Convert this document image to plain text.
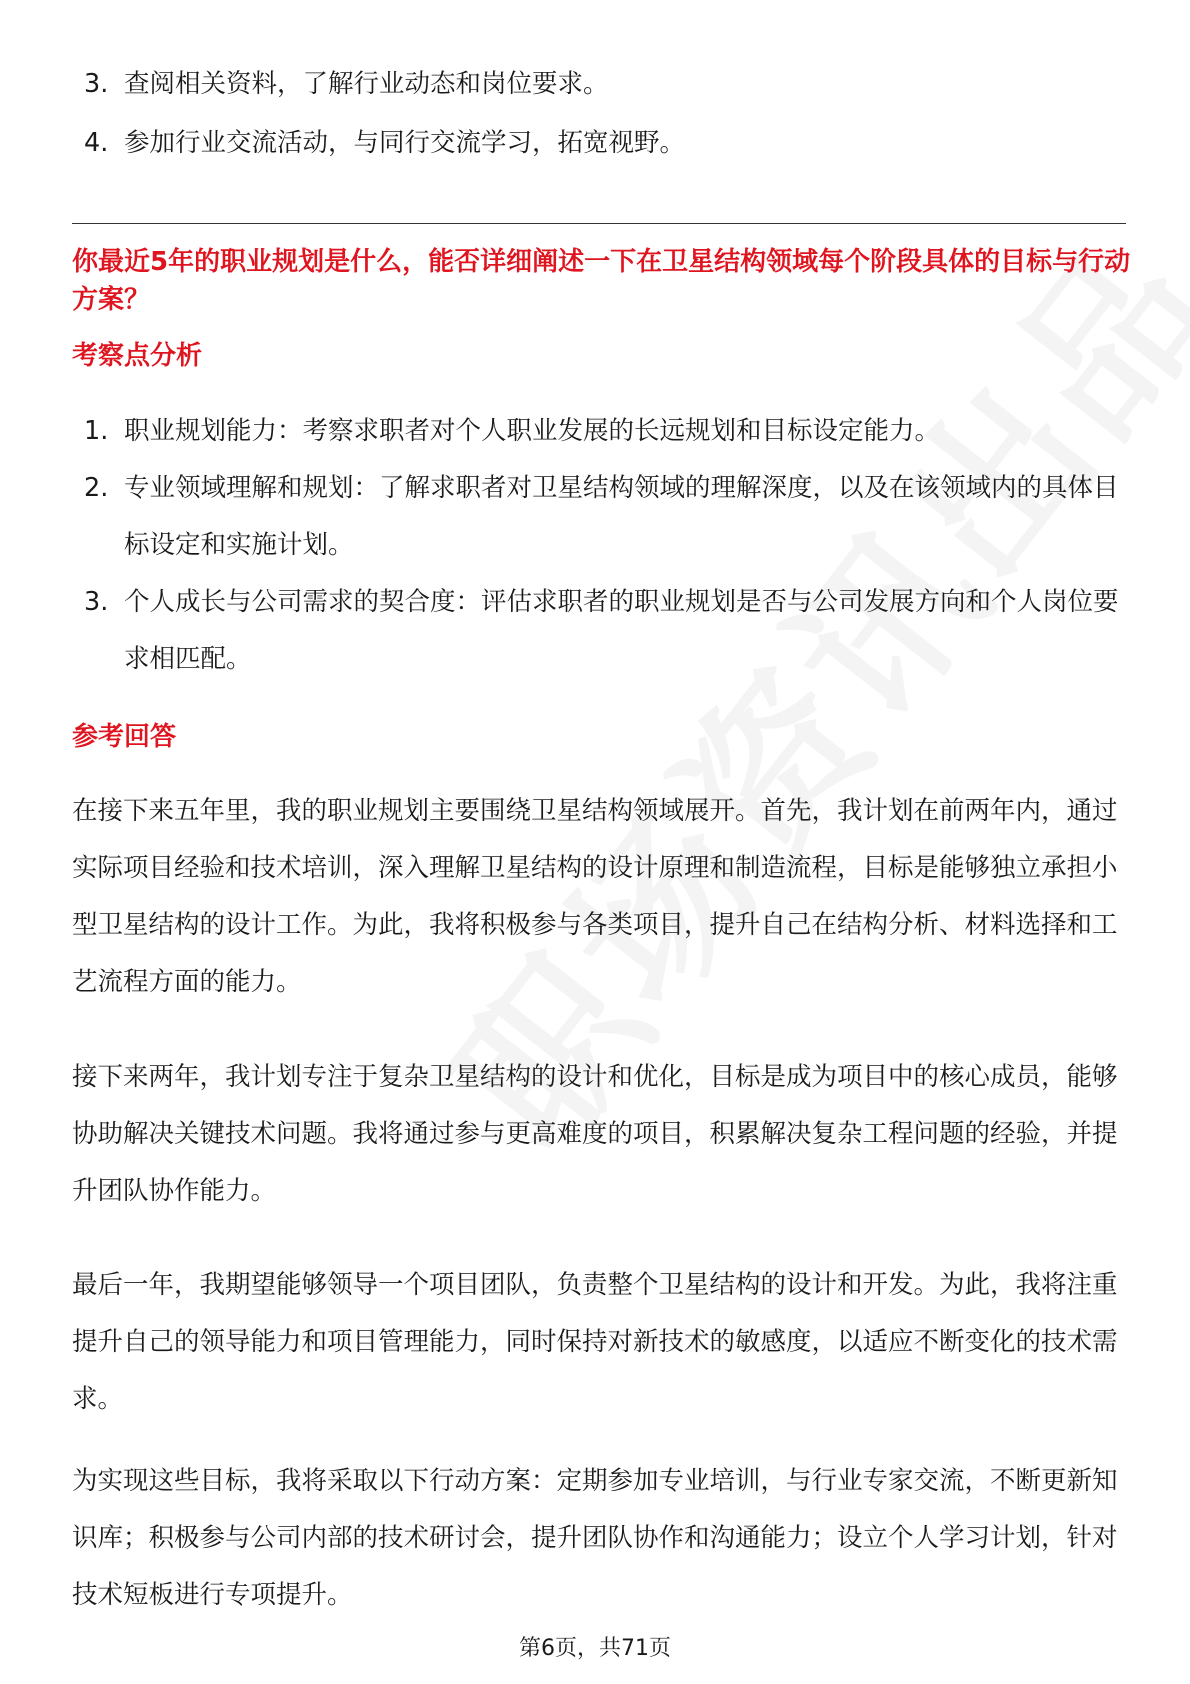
3. 查阅相关资料，了解行业动态和岗位要求。
4. 参加行业交流活动，与同行交流学习，拓宽视野。
你最近5年的职业规划是什么，能否详细阐述一下在卫星结构领域每个阶段具体的目标与行动方案？
考察点分析
1. 职业规划能力：考察求职者对个人职业发展的长远规划和目标设定能力。
2. 专业领域理解和规划：了解求职者对卫星结构领域的理解深度，以及在该领域内的具体目标设定和实施计划。
3. 个人成长与公司需求的契合度：评估求职者的职业规划是否与公司发展方向和个人岗位要求相匹配。
参考回答

在接下来五年里，我的职业规划主要围绕卫星结构领域展开。首先，我计划在前两年内，通过实际项目经验和技术培训，深入理解卫星结构的设计原理和制造流程，目标是能够独立承担小型卫星结构的设计工作。为此，我将积极参与各类项目，提升自己在结构分析、材料选择和工艺流程方面的能力。

接下来两年，我计划专注于复杂卫星结构的设计和优化，目标是成为项目中的核心成员，能够协助解决关键技术问题。我将通过参与更高难度的项目，积累解决复杂工程问题的经验，并提升团队协作能力。

最后一年，我期望能够领导一个项目团队，负责整个卫星结构的设计和开发。为此，我将注重提升自己的领导能力和项目管理能力，同时保持对新技术的敏感度，以适应不断变化的技术需求。

为实现这些目标，我将采取以下行动方案：定期参加专业培训，与行业专家交流，不断更新知识库；积极参与公司内部的技术研讨会，提升团队协作和沟通能力；设立个人学习计划，针对技术短板进行专项提升。

第6页，共71页
